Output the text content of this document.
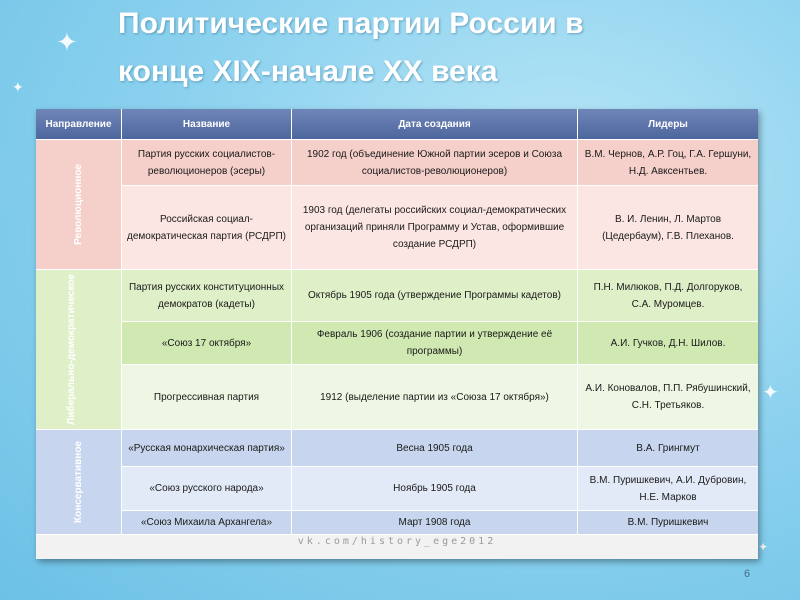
✦
✦
✦
✦
Политические партии России в
конце XIX-начале XX века
Направление	Название	Дата создания	Лидеры

Революционное	Партия русских социалистов-революционеров (эсеры)	1902 год (объединение Южной партии эсеров и Союза социалистов-революционеров)	В.М. Чернов, А.Р. Гоц, Г.А. Гершуни, Н.Д. Авксентьев.
	Российская социал-демократическая партия (РСДРП)	1903 год (делегаты российских социал-демократических организаций приняли Программу и Устав, оформившие создание РСДРП)	В. И. Ленин, Л. Мартов (Цедербаум), Г.В. Плеханов.

Либерально-демократическое	Партия русских конституционных демократов (кадеты)	Октябрь 1905 года (утверждение Программы кадетов)	П.Н. Милюков, П.Д. Долгоруков, С.А. Муромцев.
	«Союз 17 октября»	Февраль 1906 (создание партии и утверждение её программы)	А.И. Гучков, Д.Н. Шилов.
	Прогрессивная партия	1912 (выделение партии из «Союза 17 октября»)	А.И. Коновалов, П.П. Рябушинский, С.Н. Третьяков.

Консервативное	«Русская монархическая партия»	Весна 1905 года	В.А. Грингмут
	«Союз русского народа»	Ноябрь 1905 года	В.М. Пуришкевич, А.И. Дубровин, Н.Е. Марков
	«Союз Михаила Архангела»	Март 1908 года	В.М. Пуришкевич
vk.com/history_ege2012
6
